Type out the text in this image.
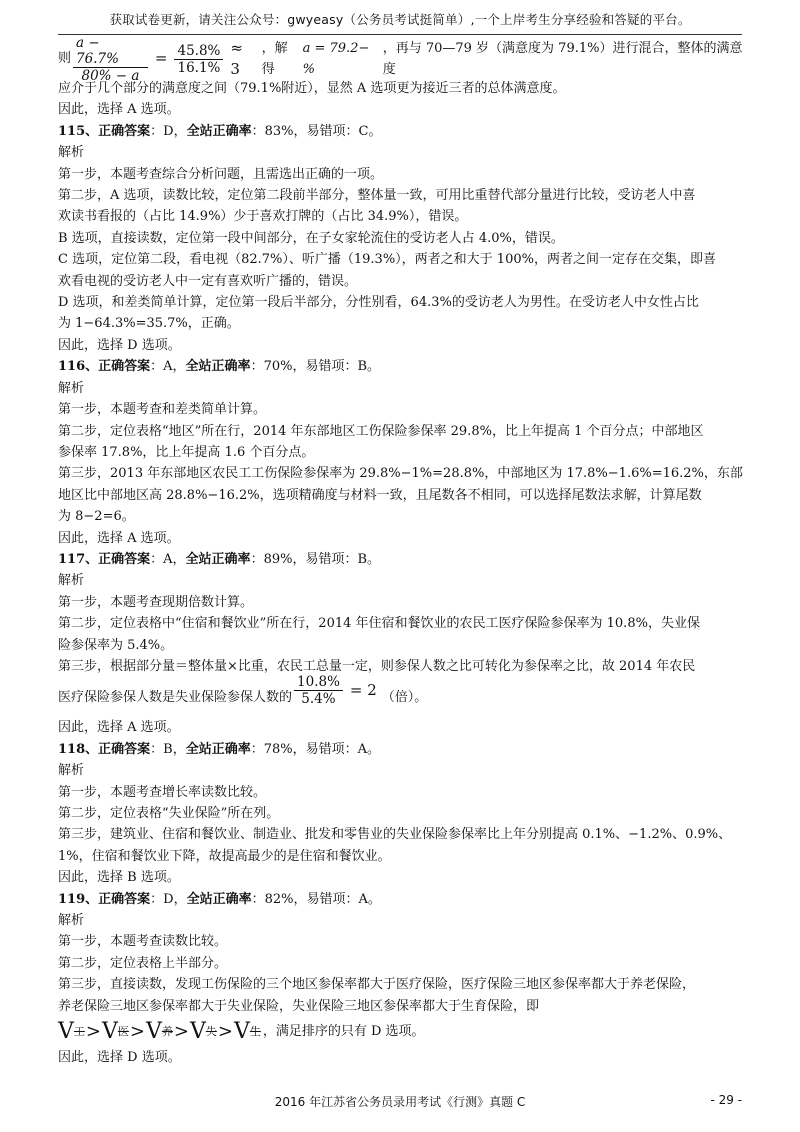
获取试卷更新，请关注公众号：gwyeasy（公务员考试挺简单）,一个上岸考生分享经验和答疑的平台。
则 $\frac{a - 76.7\%}{80\% - a} = \frac{45.8\%}{16.1\%} \approx 3$
，解得
a = 79.2−%
，再与 70—79 岁（满意度为 79.1%）进行混合，整体的满意度

应介于几个部分的满意度之间（79.1%附近），显然 A 选项更为接近三者的总体满意度。

因此，选择 A 选项。

115、正确答案：D，全站正确率：83%，易错项：C。

解析

第一步，本题考查综合分析问题，且需选出正确的一项。

第二步，A 选项，读数比较，定位第二段前半部分，整体量一致，可用比重替代部分量进行比较，受访老人中喜

欢读书看报的（占比 14.9%）少于喜欢打牌的（占比 34.9%），错误。

B 选项，直接读数，定位第一段中间部分，在子女家轮流住的受访老人占 4.0%，错误。

C 选项，定位第二段，看电视（82.7%）、听广播（19.3%），两者之和大于 100%，两者之间一定存在交集，即喜

欢看电视的受访老人中一定有喜欢听广播的，错误。

D 选项，和差类简单计算，定位第一段后半部分，分性别看，64.3%的受访老人为男性。在受访老人中女性占比

为 1−64.3%=35.7%，正确。

因此，选择 D 选项。

116、正确答案：A，全站正确率：70%，易错项：B。

解析

第一步，本题考查和差类简单计算。

第二步，定位表格“地区”所在行，2014 年东部地区工伤保险参保率 29.8%，比上年提高 1 个百分点；中部地区

参保率 17.8%，比上年提高 1.6 个百分点。

第三步，2013 年东部地区农民工工伤保险参保率为 29.8%−1%=28.8%，中部地区为 17.8%−1.6%=16.2%，东部

地区比中部地区高 28.8%−16.2%，选项精确度与材料一致，且尾数各不相同，可以选择尾数法求解，计算尾数

为 8−2=6。

因此，选择 A 选项。

117、正确答案：A，全站正确率：89%，易错项：B。

解析

第一步，本题考查现期倍数计算。

第二步，定位表格中“住宿和餐饮业”所在行，2014 年住宿和餐饮业的农民工医疗保险参保率为 10.8%，失业保

险参保率为 5.4%。

第三步，根据部分量＝整体量×比重，农民工总量一定，则参保人数之比可转化为参保率之比，故 2014 年农民

医疗保险参保人数是失业保险参保人数的 $\frac{10.8\%}{5.4\%} = 2$ （倍）。

因此，选择 A 选项。

118、正确答案：B，全站正确率：78%，易错项：A。

解析

第一步，本题考查增长率读数比较。

第二步，定位表格“失业保险”所在列。

第三步，建筑业、住宿和餐饮业、制造业、批发和零售业的失业保险参保率比上年分别提高 0.1%、−1.2%、0.9%、

1%，住宿和餐饮业下降，故提高最少的是住宿和餐饮业。

因此，选择 B 选项。

119、正确答案：D，全站正确率：82%，易错项：A。

解析

第一步，本题考查读数比较。

第二步，定位表格上半部分。

第三步，直接读数，发现工伤保险的三个地区参保率都大于医疗保险，医疗保险三地区参保率都大于养老保险，

养老保险三地区参保率都大于失业保险，失业保险三地区参保率都大于生育保险，即

V 工 > V 医 > V 养 > V 失 > V 生 ，满足排序的只有 D 选项。

因此，选择 D 选项。

2016 年江苏省公务员录用考试《行测》真题 C	- 29 -
